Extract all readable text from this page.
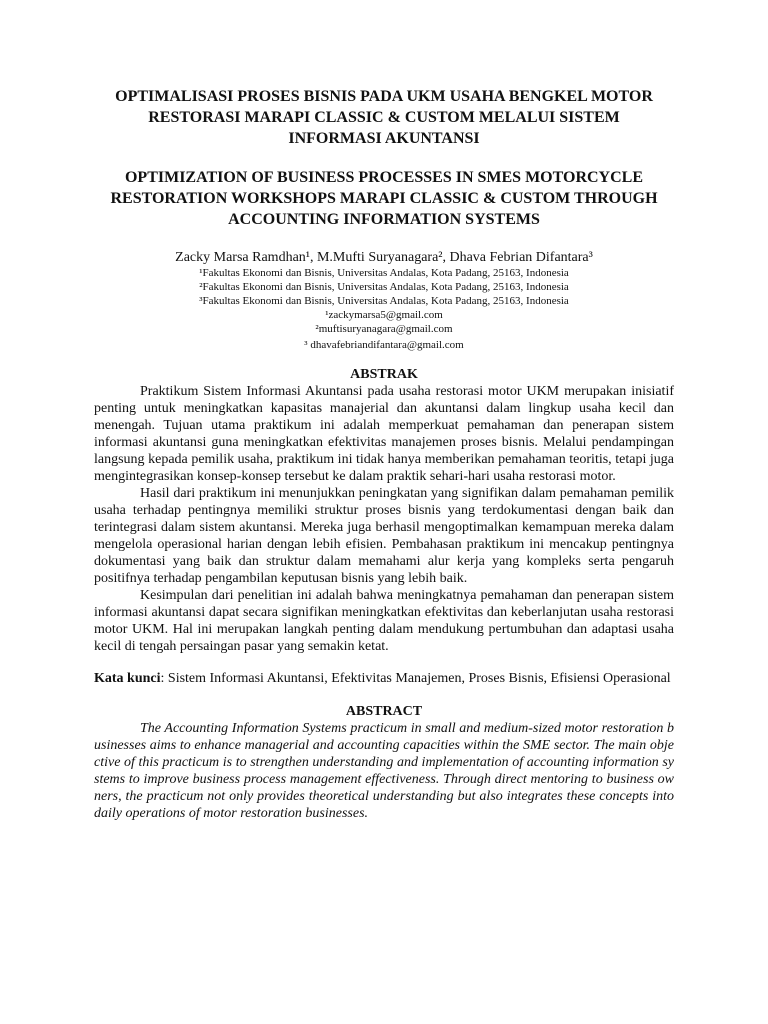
OPTIMALISASI PROSES BISNIS PADA UKM USAHA BENGKEL MOTOR RESTORASI MARAPI CLASSIC & CUSTOM MELALUI SISTEM INFORMASI AKUNTANSI
OPTIMIZATION OF BUSINESS PROCESSES IN SMES MOTORCYCLE RESTORATION WORKSHOPS MARAPI CLASSIC & CUSTOM THROUGH ACCOUNTING INFORMATION SYSTEMS
Zacky Marsa Ramdhan¹, M.Mufti Suryanagara², Dhava Febrian Difantara³
¹Fakultas Ekonomi dan Bisnis, Universitas Andalas, Kota Padang, 25163, Indonesia
²Fakultas Ekonomi dan Bisnis, Universitas Andalas, Kota Padang, 25163, Indonesia
³Fakultas Ekonomi dan Bisnis, Universitas Andalas, Kota Padang, 25163, Indonesia
¹zackymarsa5@gmail.com
²muftisuryanagara@gmail.com
³ dhavafebriandifantara@gmail.com
ABSTRAK

Praktikum Sistem Informasi Akuntansi pada usaha restorasi motor UKM merupakan inisiatif penting untuk meningkatkan kapasitas manajerial dan akuntansi dalam lingkup usaha kecil dan menengah. Tujuan utama praktikum ini adalah memperkuat pemahaman dan penerapan sistem informasi akuntansi guna meningkatkan efektivitas manajemen proses bisnis. Melalui pendampingan langsung kepada pemilik usaha, praktikum ini tidak hanya memberikan pemahaman teoritis, tetapi juga mengintegrasikan konsep-konsep tersebut ke dalam praktik sehari-hari usaha restorasi motor.

Hasil dari praktikum ini menunjukkan peningkatan yang signifikan dalam pemahaman pemilik usaha terhadap pentingnya memiliki struktur proses bisnis yang terdokumentasi dengan baik dan terintegrasi dalam sistem akuntansi. Mereka juga berhasil mengoptimalkan kemampuan mereka dalam mengelola operasional harian dengan lebih efisien. Pembahasan praktikum ini mencakup pentingnya dokumentasi yang baik dan struktur dalam memahami alur kerja yang kompleks serta pengaruh positifnya terhadap pengambilan keputusan bisnis yang lebih baik.

Kesimpulan dari penelitian ini adalah bahwa meningkatnya pemahaman dan penerapan sistem informasi akuntansi dapat secara signifikan meningkatkan efektivitas dan keberlanjutan usaha restorasi motor UKM. Hal ini merupakan langkah penting dalam mendukung pertumbuhan dan adaptasi usaha kecil di tengah persaingan pasar yang semakin ketat.

Kata kunci: Sistem Informasi Akuntansi, Efektivitas Manajemen, Proses Bisnis, Efisiensi Operasional
ABSTRACT

The Accounting Information Systems practicum in small and medium-sized motor restoration businesses aims to enhance managerial and accounting capacities within the SME sector. The main objective of this practicum is to strengthen understanding and implementation of accounting information systems to improve business process management effectiveness. Through direct mentoring to business owners, the practicum not only provides theoretical understanding but also integrates these concepts into daily operations of motor restoration businesses.
